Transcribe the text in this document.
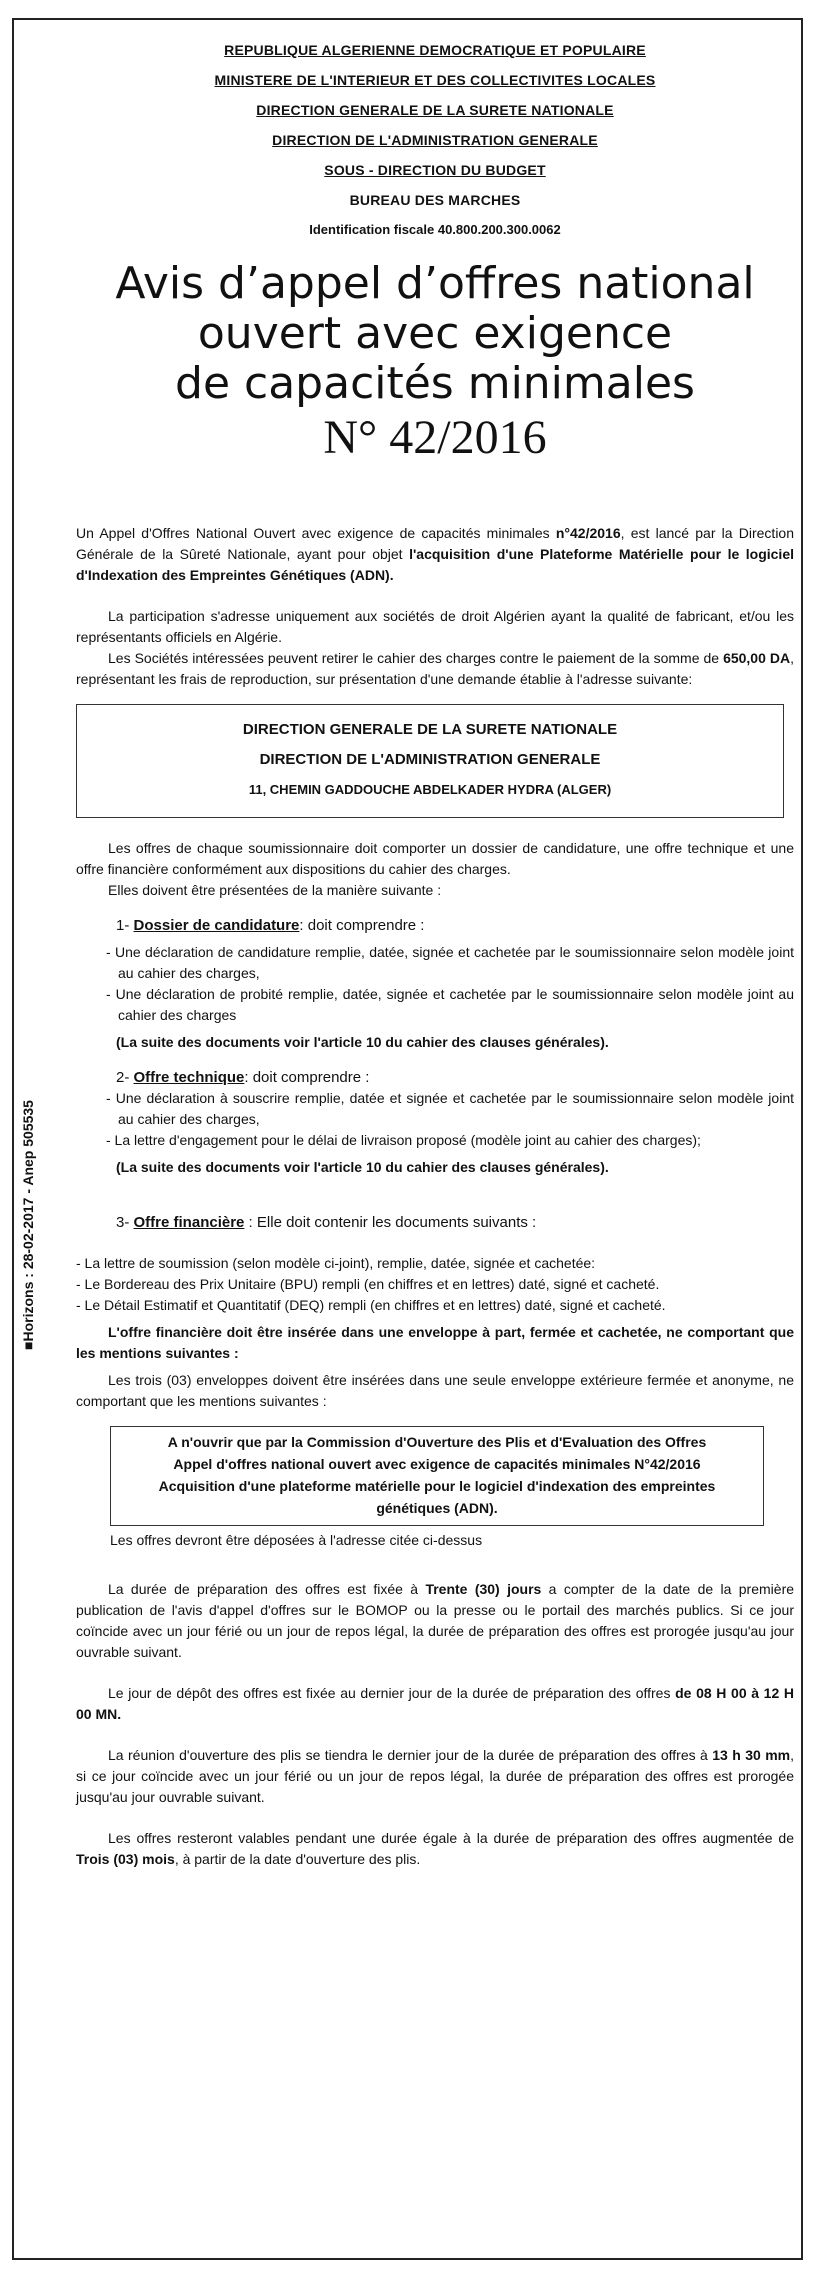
■Horizons : 28-02-2017 - Anep 505535
REPUBLIQUE ALGERIENNE DEMOCRATIQUE ET POPULAIRE
MINISTERE DE L'INTERIEUR ET DES COLLECTIVITES LOCALES
DIRECTION GENERALE DE LA SURETE NATIONALE
DIRECTION DE L'ADMINISTRATION GENERALE
SOUS - DIRECTION DU BUDGET
BUREAU DES MARCHES
Identification fiscale 40.800.200.300.0062
Avis d’appel d’offres national
ouvert avec exigence
de capacités minimales
N° 42/2016

Un Appel d'Offres National Ouvert avec exigence de capacités minimales n°42/2016, est lancé par la Direction Générale de la Sûreté Nationale, ayant pour objet l'acquisition d'une Plateforme Matérielle pour le logiciel d'Indexation des Empreintes Génétiques (ADN).

La participation s'adresse uniquement aux sociétés de droit Algérien ayant la qualité de fabricant, et/ou les représentants officiels en Algérie.

Les Sociétés intéressées peuvent retirer le cahier des charges contre le paiement de la somme de 650,00 DA, représentant les frais de reproduction, sur présentation d'une demande établie à l'adresse suivante:

DIRECTION GENERALE DE LA SURETE NATIONALE
DIRECTION DE L'ADMINISTRATION GENERALE
11, CHEMIN GADDOUCHE ABDELKADER HYDRA (ALGER)

Les offres de chaque soumissionnaire doit comporter un dossier de candidature, une offre technique et une offre financière conformément aux dispositions du cahier des charges.

Elles doivent être présentées de la manière suivante :

1- Dossier de candidature: doit comprendre :

- Une déclaration de candidature remplie, datée, signée et cachetée par le soumissionnaire selon modèle joint au cahier des charges,

- Une déclaration de probité remplie, datée, signée et cachetée par le soumissionnaire selon modèle joint au cahier des charges

(La suite des documents voir l'article 10 du cahier des clauses générales).

2- Offre technique: doit comprendre :

- Une déclaration à souscrire remplie, datée et signée et cachetée par le soumissionnaire selon modèle joint au cahier des charges,

- La lettre d'engagement pour le délai de livraison proposé (modèle joint au cahier des charges);

(La suite des documents voir l'article 10 du cahier des clauses générales).

3- Offre financière : Elle doit contenir les documents suivants :

- La lettre de soumission (selon modèle ci-joint), remplie, datée, signée et cachetée:

- Le Bordereau des Prix Unitaire (BPU) rempli (en chiffres et en lettres) daté, signé et cacheté.

- Le Détail Estimatif et Quantitatif (DEQ) rempli (en chiffres et en lettres) daté, signé et cacheté.

L'offre financière doit être insérée dans une enveloppe à part, fermée et cachetée, ne comportant que les mentions suivantes :

Les trois (03) enveloppes doivent être insérées dans une seule enveloppe extérieure fermée et anonyme, ne comportant que les mentions suivantes :

A n'ouvrir que par la Commission d'Ouverture des Plis et d'Evaluation des Offres
Appel d'offres national ouvert avec exigence de capacités minimales N°42/2016
Acquisition d'une plateforme matérielle pour le logiciel d'indexation des empreintes génétiques (ADN).

Les offres devront être déposées à l'adresse citée ci-dessus

La durée de préparation des offres est fixée à Trente (30) jours a compter de la date de la première publication de l'avis d'appel d'offres sur le BOMOP ou la presse ou le portail des marchés publics. Si ce jour coïncide avec un jour férié ou un jour de repos légal, la durée de préparation des offres est prorogée jusqu'au jour ouvrable suivant.

Le jour de dépôt des offres est fixée au dernier jour de la durée de préparation des offres de 08 H 00 à 12 H 00 MN.

La réunion d'ouverture des plis se tiendra le dernier jour de la durée de préparation des offres à 13 h 30 mm, si ce jour coïncide avec un jour férié ou un jour de repos légal, la durée de préparation des offres est prorogée jusqu'au jour ouvrable suivant.

Les offres resteront valables pendant une durée égale à la durée de préparation des offres augmentée de Trois (03) mois, à partir de la date d'ouverture des plis.
